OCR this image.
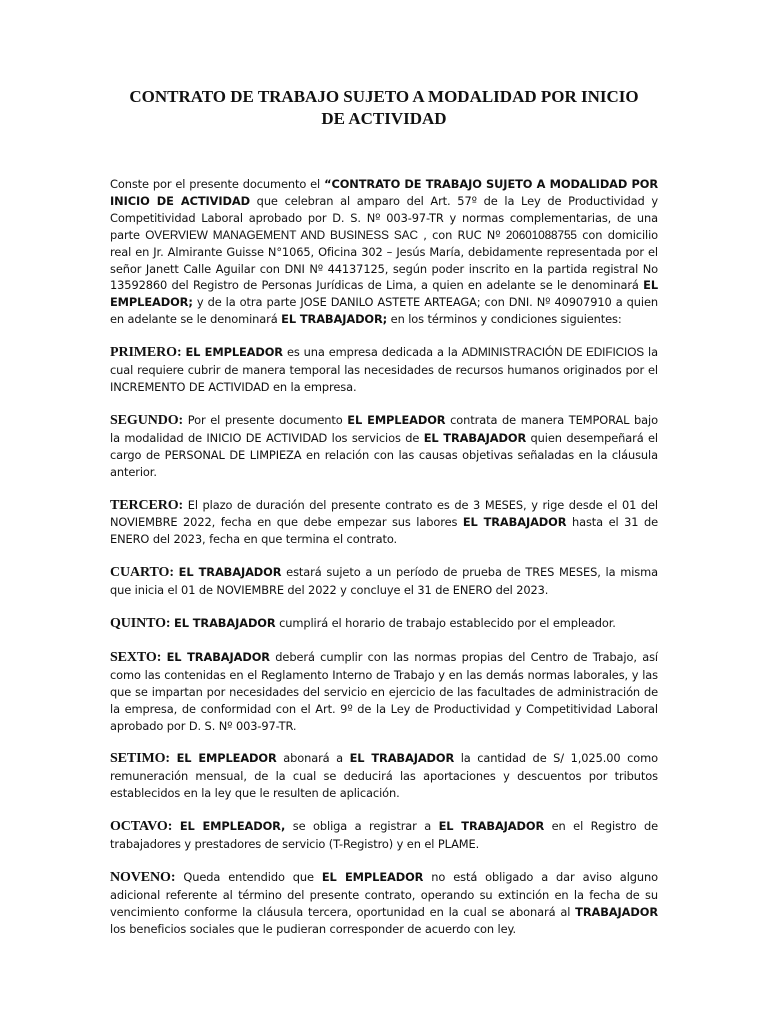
CONTRATO DE TRABAJO SUJETO A MODALIDAD POR INICIO
DE ACTIVIDAD

Conste por el presente documento el “CONTRATO DE TRABAJO SUJETO A MODALIDAD POR INICIO DE ACTIVIDAD que celebran al amparo del Art. 57º de la Ley de Productividad y Competitividad Laboral aprobado por D. S. Nº 003-97-TR y normas complementarias, de una parte OVERVIEW MANAGEMENT AND BUSINESS SAC , con RUC Nº 20601088755 con domicilio real en Jr. Almirante Guisse N°1065, Oficina 302 – Jesús María, debidamente representada por el señor Janett Calle Aguilar con DNI Nº 44137125, según poder inscrito en la partida registral No 13592860 del Registro de Personas Jurídicas de Lima, a quien en adelante se le denominará EL EMPLEADOR; y de la otra parte JOSE DANILO ASTETE ARTEAGA; con DNI. Nº 40907910 a quien en adelante se le denominará EL TRABAJADOR; en los términos y condiciones siguientes:

PRIMERO: EL EMPLEADOR es una empresa dedicada a la ADMINISTRACIÓN DE EDIFICIOS la cual requiere cubrir de manera temporal las necesidades de recursos humanos originados por el INCREMENTO DE ACTIVIDAD en la empresa.

SEGUNDO: Por el presente documento EL EMPLEADOR contrata de manera TEMPORAL bajo la modalidad de INICIO DE ACTIVIDAD los servicios de EL TRABAJADOR quien desempeñará el cargo de PERSONAL DE LIMPIEZA en relación con las causas objetivas señaladas en la cláusula anterior.

TERCERO: El plazo de duración del presente contrato es de 3 MESES, y rige desde el 01 del NOVIEMBRE 2022, fecha en que debe empezar sus labores EL TRABAJADOR hasta el 31 de ENERO del 2023, fecha en que termina el contrato.

CUARTO: EL TRABAJADOR estará sujeto a un período de prueba de TRES MESES, la misma que inicia el 01 de NOVIEMBRE del 2022 y concluye el 31 de ENERO del 2023.

QUINTO: EL TRABAJADOR cumplirá el horario de trabajo establecido por el empleador.

SEXTO: EL TRABAJADOR deberá cumplir con las normas propias del Centro de Trabajo, así como las contenidas en el Reglamento Interno de Trabajo y en las demás normas laborales, y las que se impartan por necesidades del servicio en ejercicio de las facultades de administración de la empresa, de conformidad con el Art. 9º de la Ley de Productividad y Competitividad Laboral aprobado por D. S. Nº 003-97-TR.

SETIMO: EL EMPLEADOR abonará a EL TRABAJADOR la cantidad de S/ 1,025.00 como remuneración mensual, de la cual se deducirá las aportaciones y descuentos por tributos establecidos en la ley que le resulten de aplicación.

OCTAVO: EL EMPLEADOR, se obliga a registrar a EL TRABAJADOR en el Registro de trabajadores y prestadores de servicio (T-Registro) y en el PLAME.

NOVENO: Queda entendido que EL EMPLEADOR no está obligado a dar aviso alguno adicional referente al término del presente contrato, operando su extinción en la fecha de su vencimiento conforme la cláusula tercera, oportunidad en la cual se abonará al TRABAJADOR los beneficios sociales que le pudieran corresponder de acuerdo con ley.
